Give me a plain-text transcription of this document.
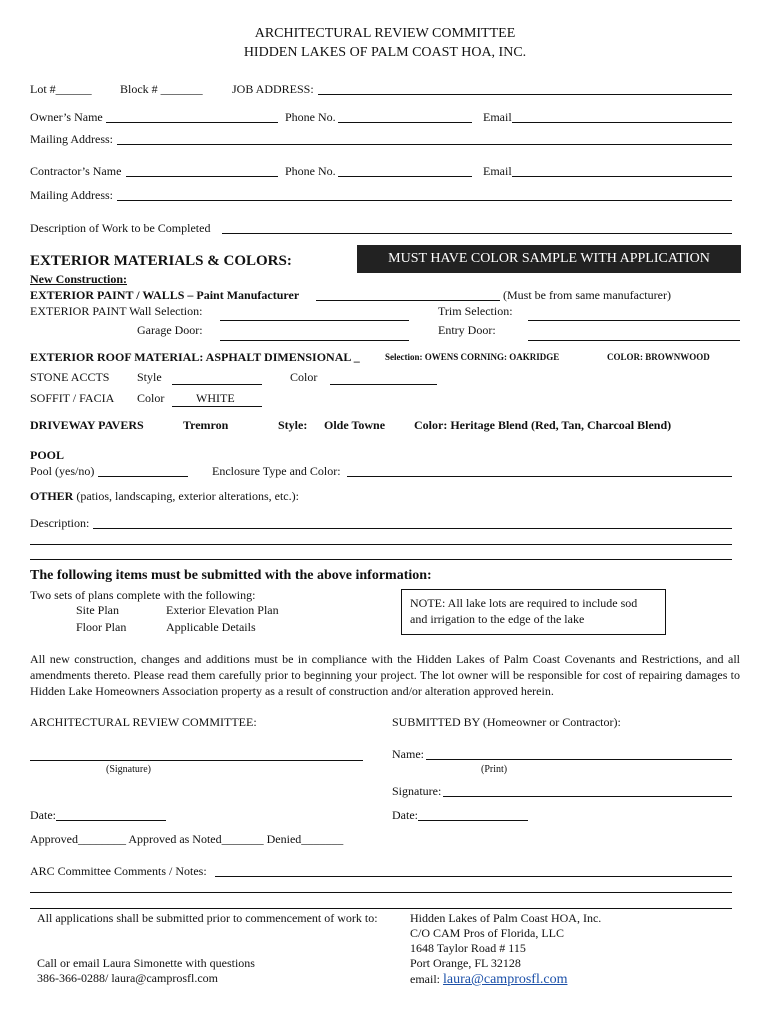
ARCHITECTURAL REVIEW COMMITTEE
HIDDEN LAKES OF PALM COAST HOA, INC.
Lot #______ Block # _______ JOB ADDRESS:
Owner’s Name	Phone No.	Email
Mailing Address:
Contractor’s Name	Phone No.	Email
Mailing Address:
Description of Work to be Completed
EXTERIOR MATERIALS & COLORS:	MUST HAVE COLOR SAMPLE WITH APPLICATION
New Construction:
EXTERIOR PAINT / WALLS – Paint Manufacturer	(Must be from same manufacturer)
EXTERIOR PAINT Wall Selection:	Trim Selection:
Garage Door:	Entry Door:
EXTERIOR ROOF MATERIAL: ASPHALT DIMENSIONAL _	Selection: OWENS CORNING: OAKRIDGE	COLOR: BROWNWOOD
STONE ACCTS Style	Color
SOFFIT / FACIA Color	WHITE
DRIVEWAY PAVERS	Tremron	Style: Olde Towne Color: Heritage Blend (Red, Tan, Charcoal Blend)
POOL
Pool (yes/no)	Enclosure Type and Color:
OTHER (patios, landscaping, exterior alterations, etc.):
Description:
The following items must be submitted with the above information:
Two sets of plans complete with the following:
Site Plan	Exterior Elevation Plan
Floor Plan	Applicable Details
NOTE: All lake lots are required to include sod and irrigation to the edge of the lake
All new construction, changes and additions must be in compliance with the Hidden Lakes of Palm Coast Covenants and Restrictions, and all amendments thereto. Please read them carefully prior to beginning your project. The lot owner will be responsible for cost of repairing damages to Hidden Lake Homeowners Association property as a result of construction and/or alteration approved herein.
ARCHITECTURAL REVIEW COMMITTEE:	SUBMITTED BY (Homeowner or Contractor):
(Signature)
Name:
(Print)
Signature:
Date:	Date:
Approved________ Approved as Noted_______ Denied_______
ARC Committee Comments / Notes:
All applications shall be submitted prior to commencement of work to:
Call or email Laura Simonette with questions
386-366-0288/ laura@camprosfl.com
Hidden Lakes of Palm Coast HOA, Inc.
C/O CAM Pros of Florida, LLC
1648 Taylor Road # 115
Port Orange, FL 32128
email: laura@camprosfl.com
